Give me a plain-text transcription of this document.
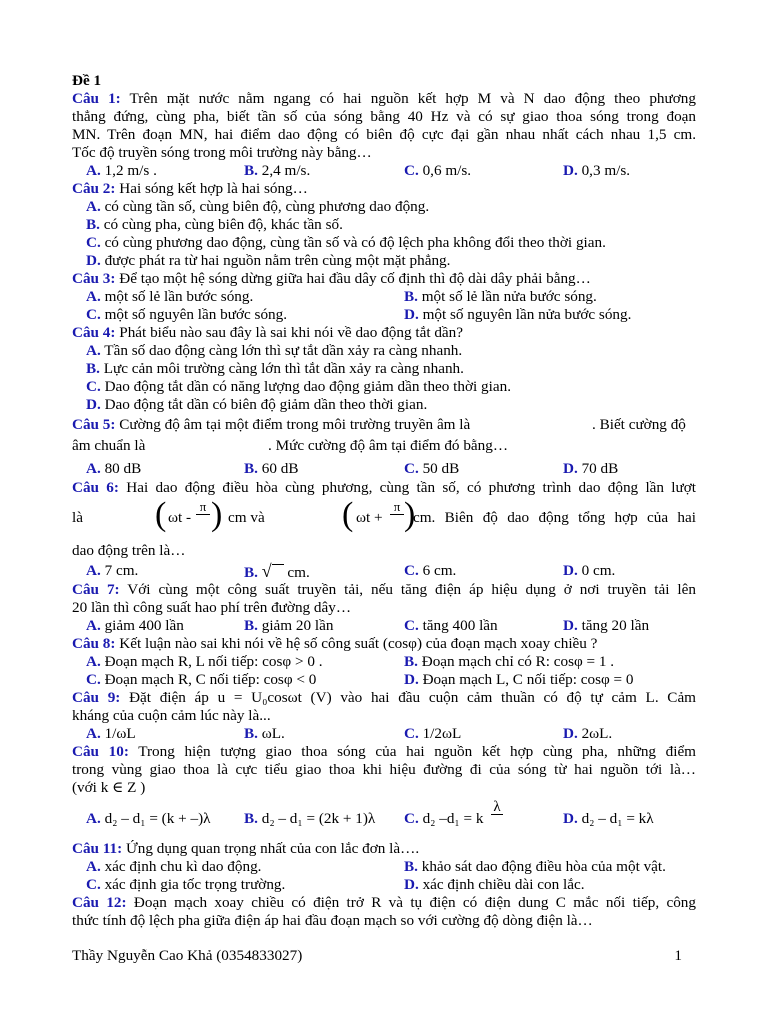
Đề 1
Câu 1: Trên mặt nước nằm ngang có hai nguồn kết hợp M và N dao động theo phương
thẳng đứng, cùng pha, biết tần số của sóng bằng 40 Hz và có sự giao thoa sóng trong đoạn
MN. Trên đoạn MN, hai điểm dao động có biên độ cực đại gần nhau nhất cách nhau 1,5 cm.
Tốc độ truyền sóng trong môi trường này bằng…
A. 1,2 m/s .	B. 2,4 m/s.	C. 0,6 m/s.	D. 0,3 m/s.
Câu 2: Hai sóng kết hợp là hai sóng…
A. có cùng tần số, cùng biên độ, cùng phương dao động.
B. có cùng pha, cùng biên độ, khác tần số.
C. có cùng phương dao động, cùng tần số và có độ lệch pha không đổi theo thời gian.
D. được phát ra từ hai nguồn nằm trên cùng một mặt phẳng.
Câu 3: Để tạo một hệ sóng dừng giữa hai đầu dây cố định thì độ dài dây phải bằng…
A. một số lẻ lần bước sóng.	B. một số lẻ lần nửa bước sóng.
C. một số nguyên lần bước sóng.	D. một số nguyên lần nửa bước sóng.
Câu 4: Phát biểu nào sau đây là sai khi nói về dao động tắt dần?
A. Tần số dao động càng lớn thì sự tắt dần xảy ra càng nhanh.
B. Lực cản môi trường càng lớn thì tắt dần xảy ra càng nhanh.
C. Dao động tắt dần có năng lượng dao động giảm dần theo thời gian.
D. Dao động tắt dần có biên độ giảm dần theo thời gian.
Câu 5: Cường độ âm tại một điểm trong môi trường truyền âm là	. Biết cường độ
âm chuẩn là	. Mức cường độ âm tại điểm đó bằng…
A. 80 dB	B. 60 dB	C. 50 dB	D. 70 dB
Câu 6: Hai dao động điều hòa cùng phương, cùng tần số, có phương trình dao động lần lượt
là ( ωt -
π
) cm và ( ωt +
π
)
cm. Biên độ dao động tổng hợp của hai
dao động trên là…
A. 7 cm.	B. √ cm.	C. 6 cm.	D. 0 cm.
Câu 7: Với cùng một công suất truyền tải, nếu tăng điện áp hiệu dụng ở nơi truyền tải lên
20 lần thì công suất hao phí trên đường dây…
A. giảm 400 lần	B. giảm 20 lần	C. tăng 400 lần	D. tăng 20 lần
Câu 8: Kết luận nào sai khi nói về hệ số công suất (cosφ) của đoạn mạch xoay chiều ?
A. Đoạn mạch R, L nối tiếp: cosφ > 0 .	B. Đoạn mạch chỉ có R: cosφ = 1 .
C. Đoạn mạch R, C nối tiếp: cosφ < 0	D. Đoạn mạch L, C nối tiếp: cosφ = 0
Câu 9: Đặt điện áp u = U₀cosωt (V) vào hai đầu cuộn cảm thuần có độ tự cảm L. Cảm
kháng của cuộn cảm lúc này là...
A. 1/ωL	B. ωL.	C. 1/2ωL	D. 2ωL.
Câu 10: Trong hiện tượng giao thoa sóng của hai nguồn kết hợp cùng pha, những điểm
trong vùng giao thoa là cực tiểu giao thoa khi hiệu đường đi của sóng từ hai nguồn tới là…
(với k ∈ Z )
A. d₂ – d₁ = (k + –)λ B. d₂ – d₁ = (2k + 1)λ C. d₂ –d₁ = k
λ

D. d₂ – d₁ = kλ
Câu 11: Ứng dụng quan trọng nhất của con lắc đơn là….
A. xác định chu kì dao động.	B. khảo sát dao động điều hòa của một vật.
C. xác định gia tốc trọng trường.	D. xác định chiều dài con lắc.
Câu 12: Đoạn mạch xoay chiều có điện trở R và tụ điện có điện dung C mắc nối tiếp, công
thức tính độ lệch pha giữa điện áp hai đầu đoạn mạch so với cường độ dòng điện là…
Thầy Nguyễn Cao Khả (0354833027)	1
